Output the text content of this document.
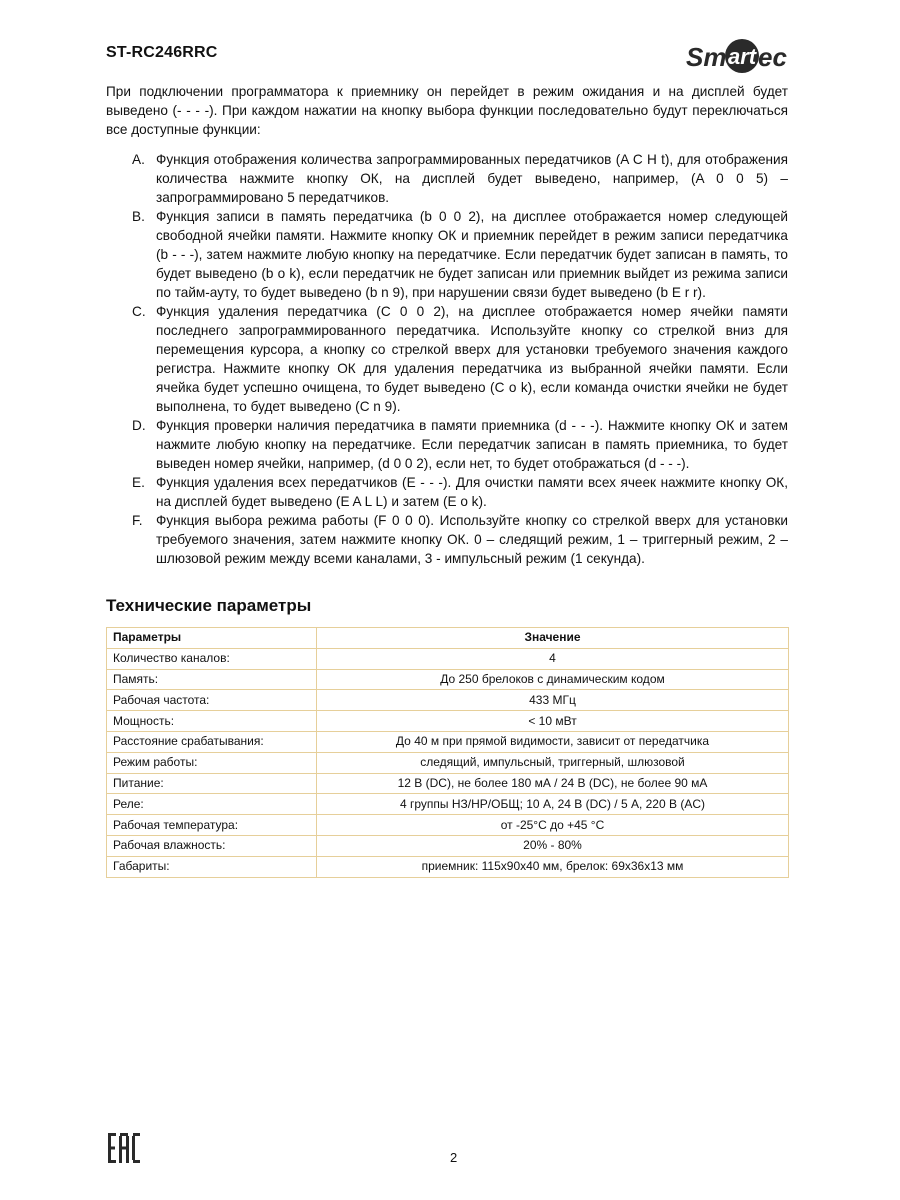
ST-RC246RRC	Sm art ec

При подключении программатора к приемнику он перейдет в режим ожидания и на дисплей будет выведено (- - - -). При каждом нажатии на кнопку выбора функции последовательно будут переключаться все доступные функции:

A. Функция отображения количества запрограммированных передатчиков (A C H t), для отображения количества нажмите кнопку ОК, на дисплей будет выведено, например, (A 0 0 5) – запрограммировано 5 передатчиков.
B. Функция записи в память передатчика (b 0 0 2), на дисплее отображается номер следующей свободной ячейки памяти. Нажмите кнопку ОК и приемник перейдет в режим записи передатчика (b - - -), затем нажмите любую кнопку на передатчике. Если передатчик будет записан в память, то будет выведено (b o k), если передатчик не будет записан или приемник выйдет из режима записи по тайм-ауту, то будет выведено (b n 9), при нарушении связи будет выведено (b E r r).
C. Функция удаления передатчика (C 0 0 2), на дисплее отображается номер ячейки памяти последнего запрограммированного передатчика. Используйте кнопку со стрелкой вниз для перемещения курсора, а кнопку со стрелкой вверх для установки требуемого значения каждого регистра. Нажмите кнопку ОК для удаления передатчика из выбранной ячейки памяти. Если ячейка будет успешно очищена, то будет выведено (C o k), если команда очистки ячейки не будет выполнена, то будет выведено (C n 9).
D. Функция проверки наличия передатчика в памяти приемника (d - - -). Нажмите кнопку ОК и затем нажмите любую кнопку на передатчике. Если передатчик записан в память приемника, то будет выведен номер ячейки, например, (d 0 0 2), если нет, то будет отображаться (d - - -).
E. Функция удаления всех передатчиков (E - - -). Для очистки памяти всех ячеек нажмите кнопку ОК, на дисплей будет выведено (E A L L) и затем (E o k).
F. Функция выбора режима работы (F 0 0 0). Используйте кнопку со стрелкой вверх для установки требуемого значения, затем нажмите кнопку ОК. 0 – следящий режим, 1 – триггерный режим, 2 – шлюзовой режим между всеми каналами, 3 - импульсный режим (1 секунда).
Технические параметры
Параметры	Значение
Количество каналов:	4
Память:	До 250 брелоков с динамическим кодом
Рабочая частота:	433 МГц
Мощность:	< 10 мВт
Расстояние срабатывания:	До 40 м при прямой видимости, зависит от передатчика
Режим работы:	следящий, импульсный, триггерный, шлюзовой
Питание:	12 В (DC), не более 180 мА / 24 В (DC), не более 90 мА
Реле:	4 группы НЗ/НР/ОБЩ; 10 А, 24 В (DC) / 5 А, 220 В (AC)
Рабочая температура:	от -25°С до +45 °С
Рабочая влажность:	20% - 80%
Габариты:	приемник: 115х90х40 мм, брелок: 69х36х13 мм
2
